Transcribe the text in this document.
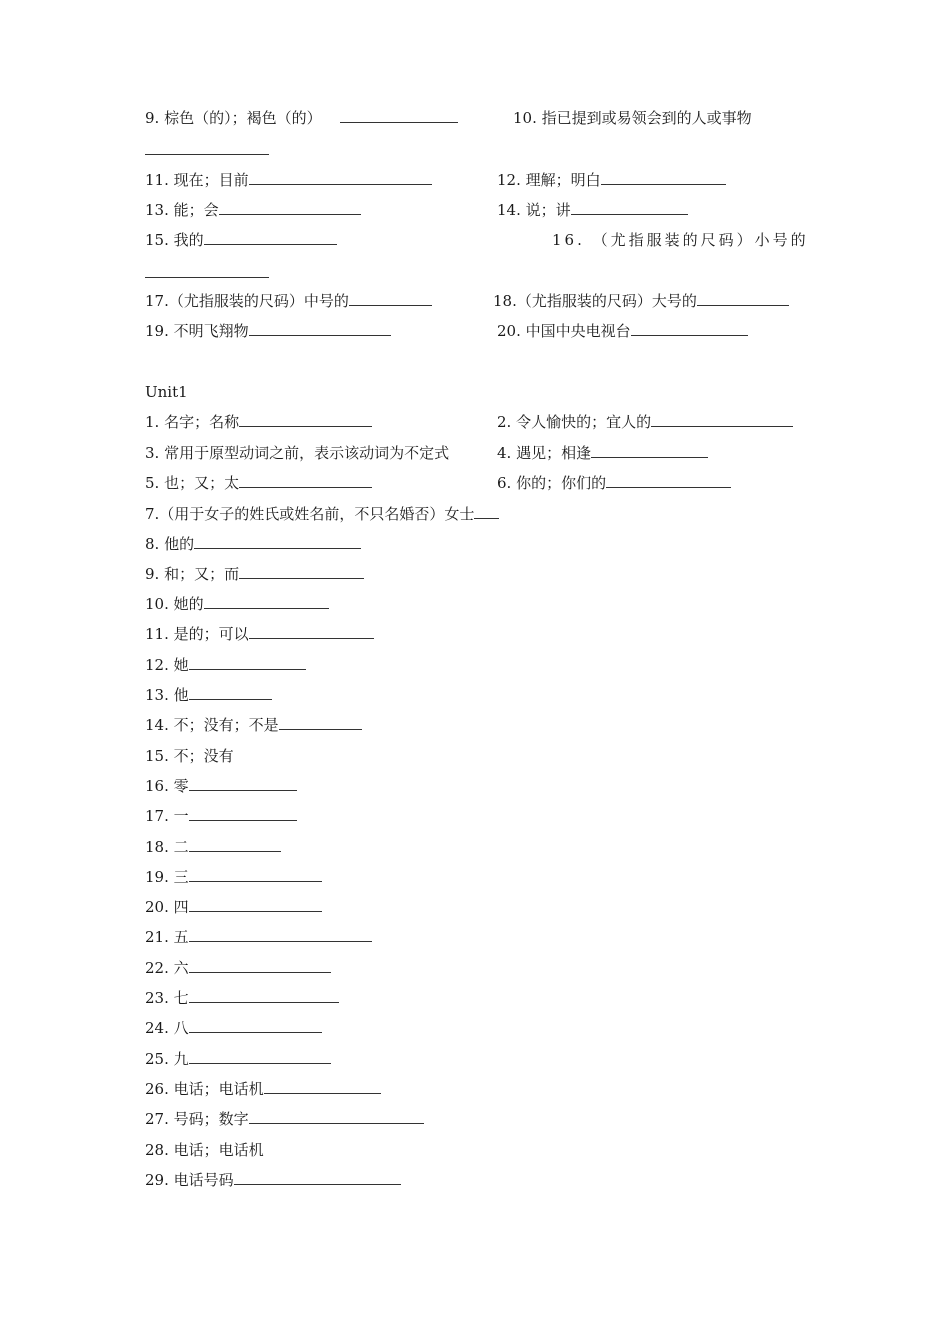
9. 棕色（的）；褐色（的）	10. 指已提到或易领会到的人或事物
11. 现在；目前	12. 理解；明白
13. 能；会	14. 说；讲
15. 我的	16. （尤指服装的尺码）小号的
17.（尤指服装的尺码）中号的	18.（尤指服装的尺码）大号的
19. 不明飞翔物	20. 中国中央电视台
Unit1
1. 名字；名称	2. 令人愉快的；宜人的
3. 常用于原型动词之前，表示该动词为不定式	4. 遇见；相逢
5. 也；又；太	6. 你的；你们的
7.（用于女子的姓氏或姓名前，不只名婚否）女士
8. 他的
9. 和；又；而
10. 她的
11. 是的；可以
12. 她
13. 他
14. 不；没有；不是
15. 不；没有
16. 零
17. 一
18. 二
19. 三
20. 四
21. 五
22. 六
23. 七
24. 八
25. 九
26. 电话；电话机
27. 号码；数字
28. 电话；电话机
29. 电话号码
